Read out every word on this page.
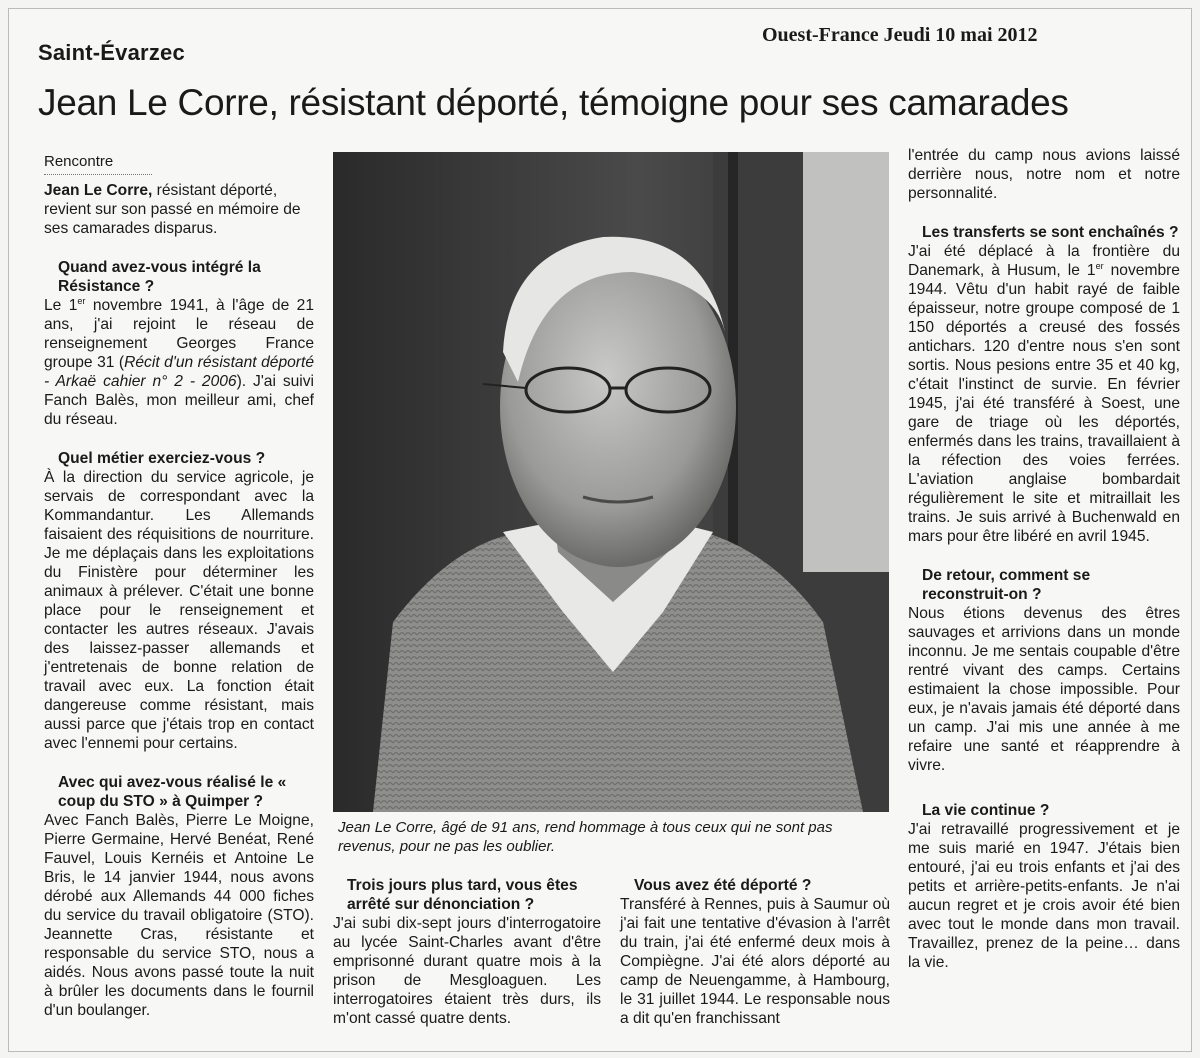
Saint-Évarzec
Ouest-France Jeudi 10 mai 2012
Jean Le Corre, résistant déporté, témoigne pour ses camarades
Rencontre

Jean Le Corre, résistant déporté, revient sur son passé en mémoire de ses camarades disparus.

Quand avez-vous intégré la Résistance ?

Le 1er novembre 1941, à l'âge de 21 ans, j'ai rejoint le réseau de renseignement Georges France groupe 31 (Récit d'un résistant déporté - Arkaë cahier n° 2 - 2006). J'ai suivi Fanch Balès, mon meilleur ami, chef du réseau.

Quel métier exerciez-vous ?

À la direction du service agricole, je servais de correspondant avec la Kommandantur. Les Allemands faisaient des réquisitions de nourriture. Je me déplaçais dans les exploitations du Finistère pour déterminer les animaux à prélever. C'était une bonne place pour le renseignement et contacter les autres réseaux. J'avais des laissez-passer allemands et j'entretenais de bonne relation de travail avec eux. La fonction était dangereuse comme résistant, mais aussi parce que j'étais trop en contact avec l'ennemi pour certains.

Avec qui avez-vous réalisé le « coup du STO » à Quimper ?

Avec Fanch Balès, Pierre Le Moigne, Pierre Germaine, Hervé Benéat, René Fauvel, Louis Kernéis et Antoine Le Bris, le 14 janvier 1944, nous avons dérobé aux Allemands 44 000 fiches du service du travail obligatoire (STO). Jeannette Cras, résistante et responsable du service STO, nous a aidés. Nous avons passé toute la nuit à brûler les documents dans le fournil d'un boulanger.

Jean Le Corre, âgé de 91 ans, rend hommage à tous ceux qui ne sont pas revenus, pour ne pas les oublier.

Trois jours plus tard, vous êtes arrêté sur dénonciation ?

J'ai subi dix-sept jours d'interrogatoire au lycée Saint-Charles avant d'être emprisonné durant quatre mois à la prison de Mesgloaguen. Les interrogatoires étaient très durs, ils m'ont cassé quatre dents.

Vous avez été déporté ?

Transféré à Rennes, puis à Saumur où j'ai fait une tentative d'évasion à l'arrêt du train, j'ai été enfermé deux mois à Compiègne. J'ai été alors déporté au camp de Neuengamme, à Hambourg, le 31 juillet 1944. Le responsable nous a dit qu'en franchissant

l'entrée du camp nous avions laissé derrière nous, notre nom et notre personnalité.

Les transferts se sont enchaînés ?

J'ai été déplacé à la frontière du Danemark, à Husum, le 1er novembre 1944. Vêtu d'un habit rayé de faible épaisseur, notre groupe composé de 1 150 déportés a creusé des fossés antichars. 120 d'entre nous s'en sont sortis. Nous pesions entre 35 et 40 kg, c'était l'instinct de survie. En février 1945, j'ai été transféré à Soest, une gare de triage où les déportés, enfermés dans les trains, travaillaient à la réfection des voies ferrées. L'aviation anglaise bombardait régulièrement le site et mitraillait les trains. Je suis arrivé à Buchenwald en mars pour être libéré en avril 1945.

De retour, comment se reconstruit-on ?

Nous étions devenus des êtres sauvages et arrivions dans un monde inconnu. Je me sentais coupable d'être rentré vivant des camps. Certains estimaient la chose impossible. Pour eux, je n'avais jamais été déporté dans un camp. J'ai mis une année à me refaire une santé et réapprendre à vivre.

La vie continue ?

J'ai retravaillé progressivement et je me suis marié en 1947. J'étais bien entouré, j'ai eu trois enfants et j'ai des petits et arrière-petits-enfants. Je n'ai aucun regret et je crois avoir été bien avec tout le monde dans mon travail. Travaillez, prenez de la peine… dans la vie.
